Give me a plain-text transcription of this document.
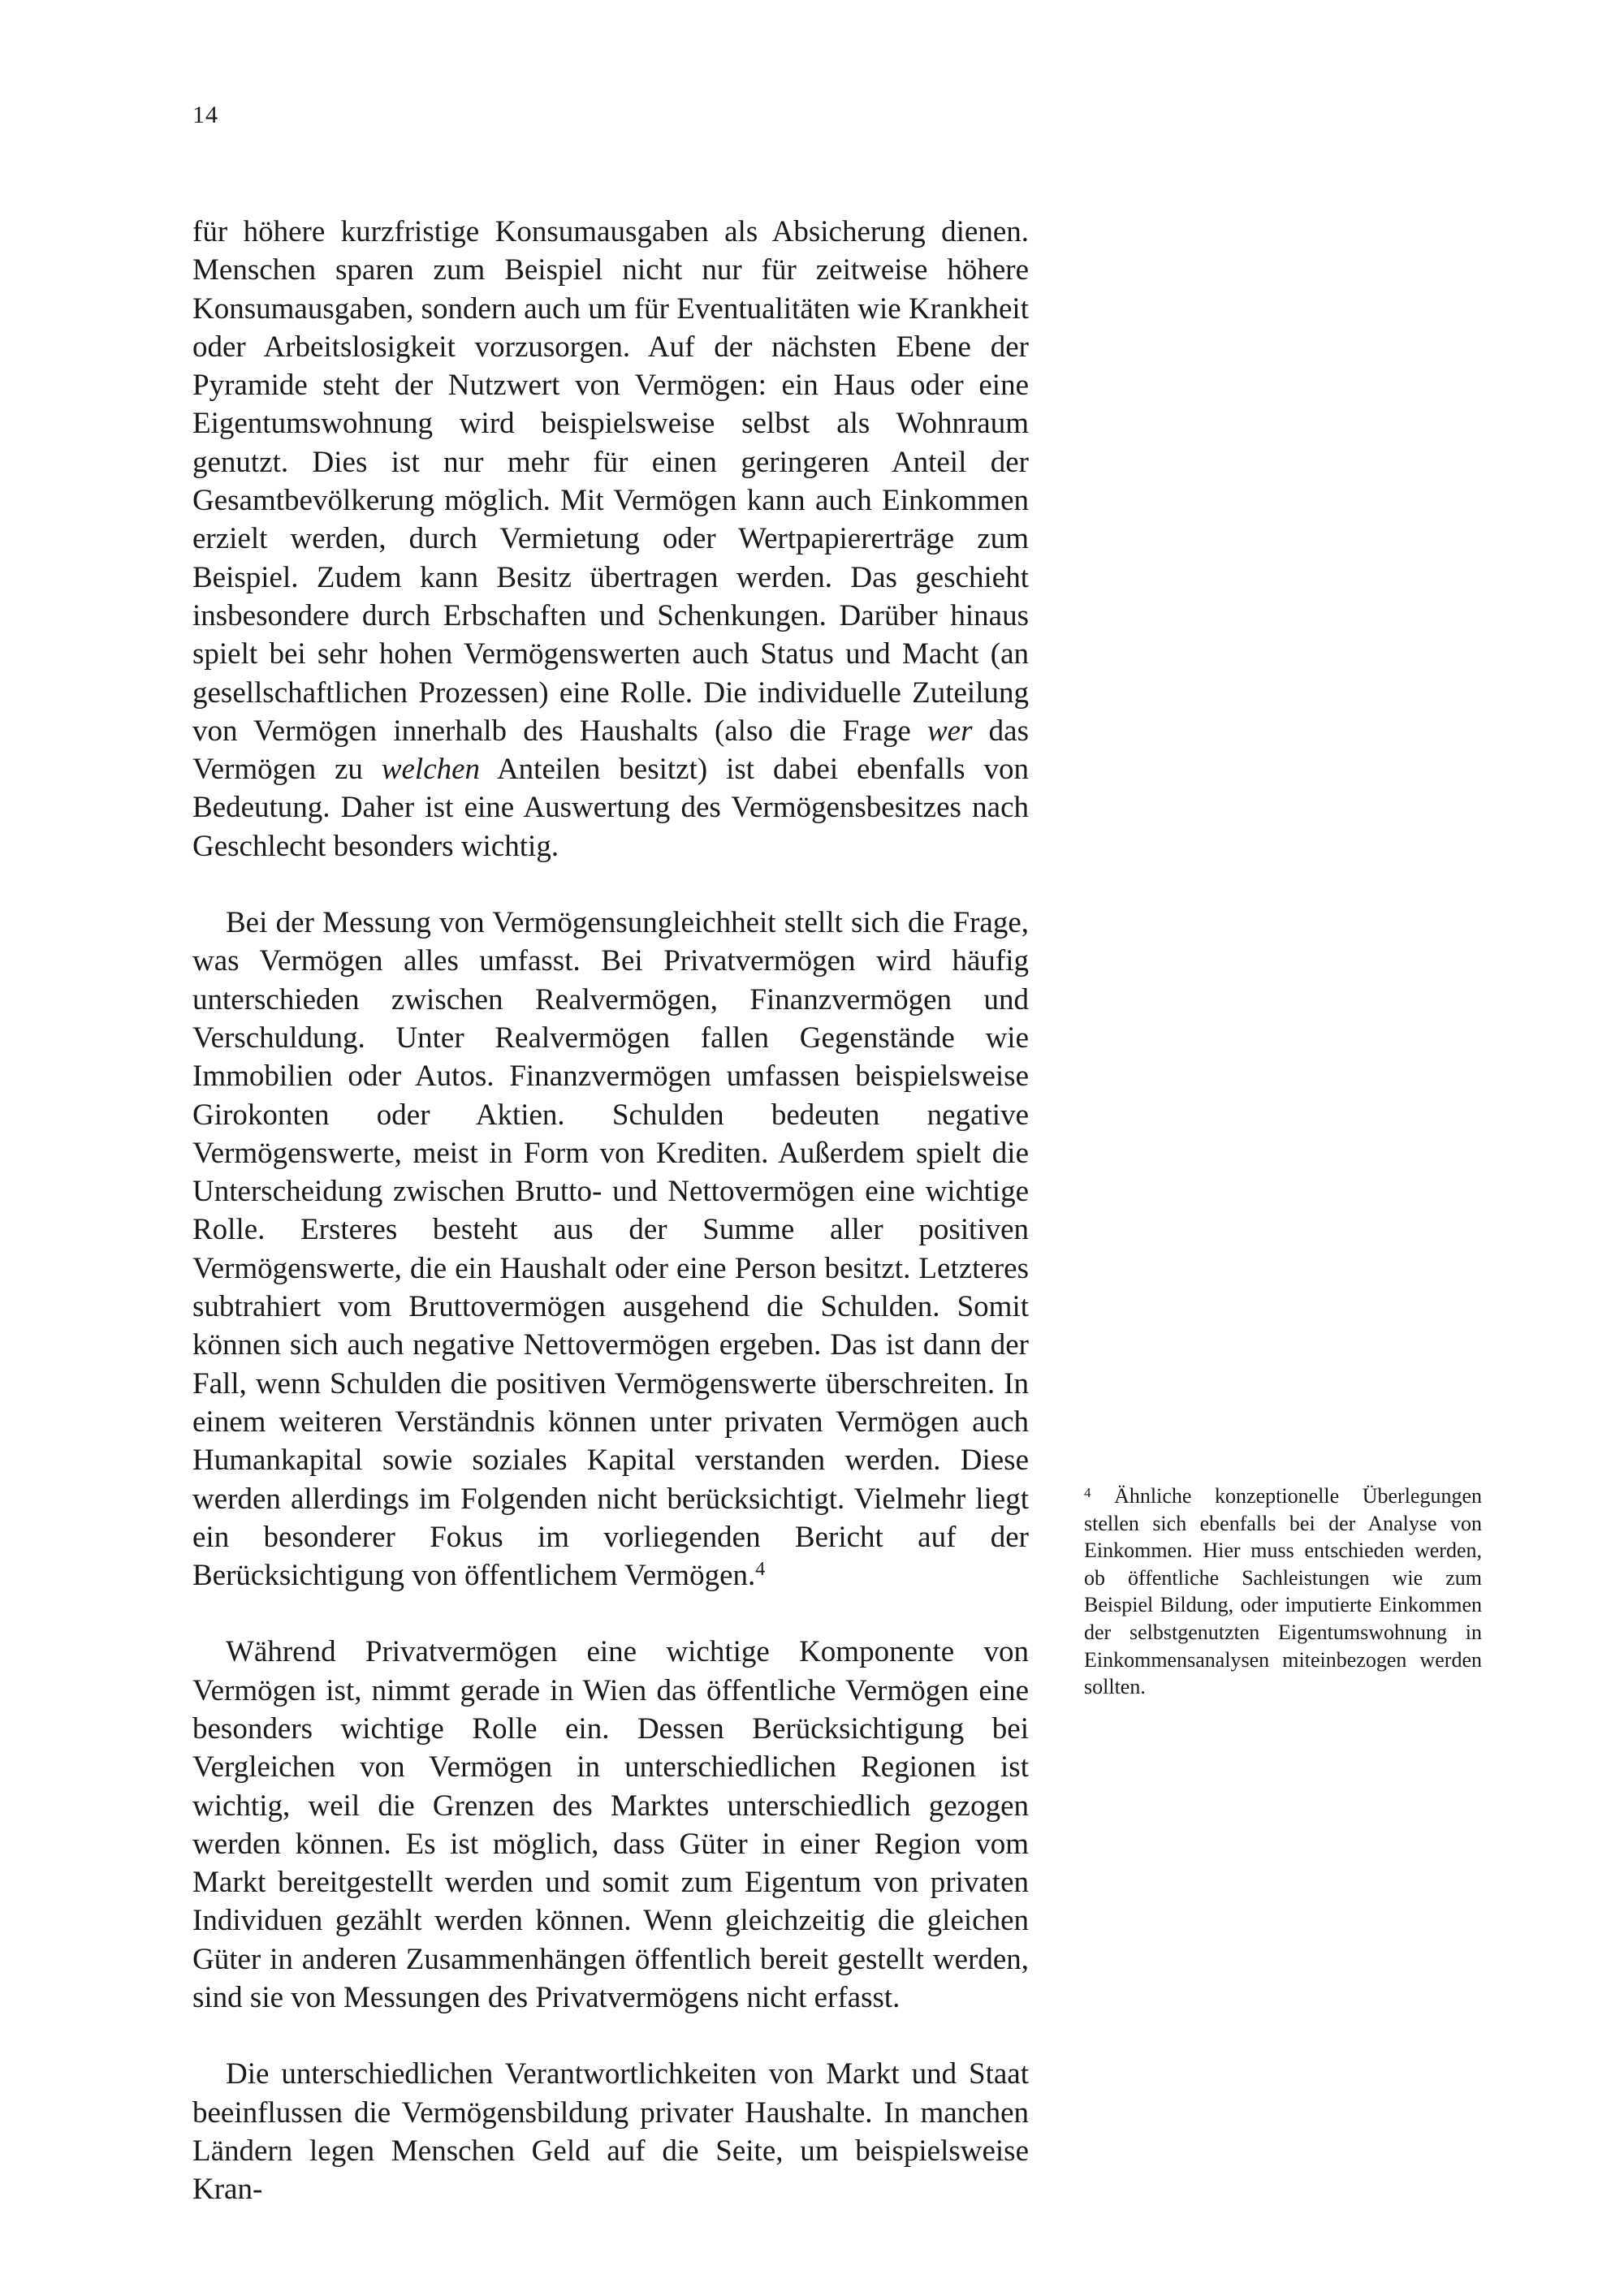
14

für höhere kurzfristige Konsumausgaben als Absicherung dienen. Menschen sparen zum Beispiel nicht nur für zeitweise höhere Konsumausgaben, sondern auch um für Eventualitäten wie Krankheit oder Arbeitslosigkeit vorzusorgen. Auf der nächsten Ebene der Pyramide steht der Nutzwert von Vermögen: ein Haus oder eine Eigentumswohnung wird beispielsweise selbst als Wohnraum genutzt. Dies ist nur mehr für einen geringeren Anteil der Gesamtbevölkerung möglich. Mit Vermögen kann auch Einkommen erzielt werden, durch Vermietung oder Wertpapiererträge zum Beispiel. Zudem kann Besitz übertragen werden. Das geschieht insbesondere durch Erbschaften und Schenkungen. Darüber hinaus spielt bei sehr hohen Vermögenswerten auch Status und Macht (an gesellschaftlichen Prozessen) eine Rolle. Die individuelle Zuteilung von Vermögen innerhalb des Haushalts (also die Frage wer das Vermögen zu welchen Anteilen besitzt) ist dabei ebenfalls von Bedeutung. Daher ist eine Auswertung des Vermögensbesitzes nach Geschlecht besonders wichtig.

Bei der Messung von Vermögensungleichheit stellt sich die Frage, was Vermögen alles umfasst. Bei Privatvermögen wird häufig unterschieden zwischen Realvermögen, Finanzvermögen und Verschuldung. Unter Realvermögen fallen Gegenstände wie Immobilien oder Autos. Finanzvermögen umfassen beispielsweise Girokonten oder Aktien. Schulden bedeuten negative Vermögenswerte, meist in Form von Krediten. Außerdem spielt die Unterscheidung zwischen Brutto- und Nettovermögen eine wichtige Rolle. Ersteres besteht aus der Summe aller positiven Vermögenswerte, die ein Haushalt oder eine Person besitzt. Letzteres subtrahiert vom Bruttovermögen ausgehend die Schulden. Somit können sich auch negative Nettovermögen ergeben. Das ist dann der Fall, wenn Schulden die positiven Vermögenswerte überschreiten. In einem weiteren Verständnis können unter privaten Vermögen auch Humankapital sowie soziales Kapital verstanden werden. Diese werden allerdings im Folgenden nicht berücksichtigt. Vielmehr liegt ein besonderer Fokus im vorliegenden Bericht auf der Berücksichtigung von öffentlichem Vermögen.$^4$

Während Privatvermögen eine wichtige Komponente von Vermögen ist, nimmt gerade in Wien das öffentliche Vermögen eine besonders wichtige Rolle ein. Dessen Berücksichtigung bei Vergleichen von Vermögen in unterschiedlichen Regionen ist wichtig, weil die Grenzen des Marktes unterschiedlich gezogen werden können. Es ist möglich, dass Güter in einer Region vom Markt bereitgestellt werden und somit zum Eigentum von privaten Individuen gezählt werden können. Wenn gleichzeitig die gleichen Güter in anderen Zusammenhängen öffentlich bereit gestellt werden, sind sie von Messungen des Privatvermögens nicht erfasst.

Die unterschiedlichen Verantwortlichkeiten von Markt und Staat beeinflussen die Vermögensbildung privater Haushalte. In manchen Ländern legen Menschen Geld auf die Seite, um beispielsweise Kran-

$^4$ Ähnliche konzeptionelle Überlegungen stellen sich ebenfalls bei der Analyse von Einkommen. Hier muss entschieden werden, ob öffentliche Sachleistungen wie zum Beispiel Bildung, oder imputierte Einkommen der selbstgenutzten Eigentumswohnung in Einkommensanalysen miteinbezogen werden sollten.
